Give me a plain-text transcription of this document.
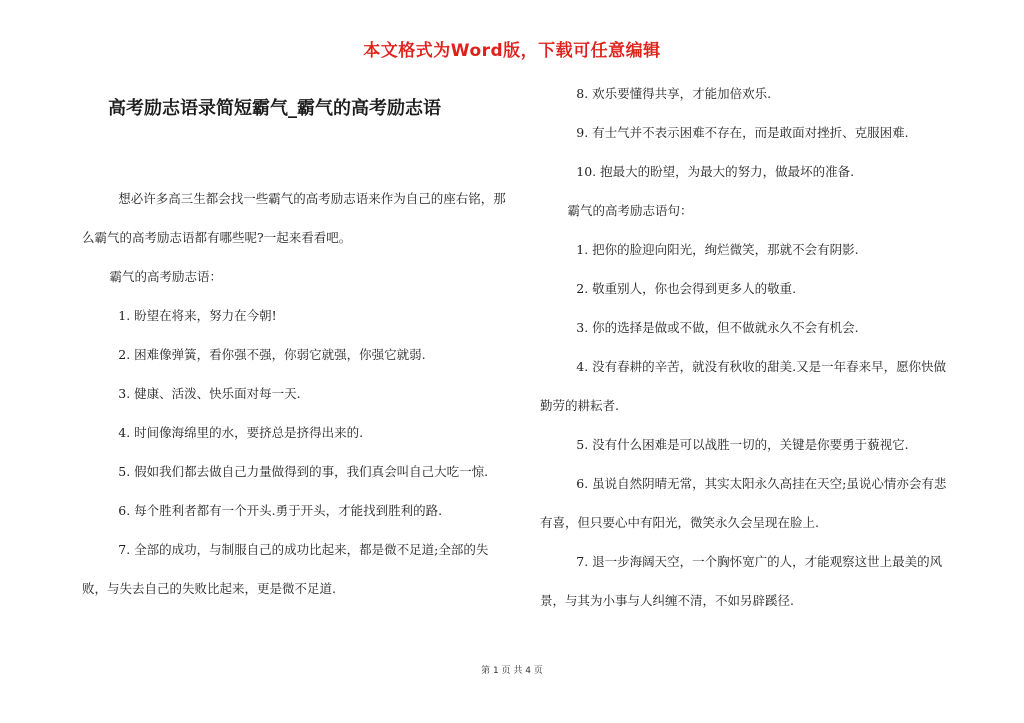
本文格式为Word版，下载可任意编辑
高考励志语录简短霸气_霸气的高考励志语

想必许多高三生都会找一些霸气的高考励志语来作为自己的座右铭，那么霸气的高考励志语都有哪些呢?一起来看看吧。

霸气的高考励志语：

1. 盼望在将来，努力在今朝!

2. 困难像弹簧，看你强不强，你弱它就强，你强它就弱.

3. 健康、活泼、快乐面对每一天.

4. 时间像海绵里的水，要挤总是挤得出来的.

5. 假如我们都去做自己力量做得到的事，我们真会叫自己大吃一惊.

6. 每个胜利者都有一个开头.勇于开头，才能找到胜利的路.

7. 全部的成功，与制服自己的成功比起来，都是微不足道;全部的失败，与失去自己的失败比起来，更是微不足道.

8. 欢乐要懂得共享，才能加倍欢乐.

9. 有士气并不表示困难不存在，而是敢面对挫折、克服困难.

10. 抱最大的盼望，为最大的努力，做最坏的准备.

霸气的高考励志语句：

1. 把你的脸迎向阳光，绚烂微笑，那就不会有阴影.

2. 敬重别人，你也会得到更多人的敬重.

3. 你的选择是做或不做，但不做就永久不会有机会.

4. 没有春耕的辛苦，就没有秋收的甜美.又是一年春来早，愿你快做勤劳的耕耘者.

5. 没有什么困难是可以战胜一切的，关键是你要勇于藐视它.

6. 虽说自然阴晴无常，其实太阳永久高挂在天空;虽说心情亦会有悲有喜，但只要心中有阳光，微笑永久会呈现在脸上.

7. 退一步海阔天空，一个胸怀宽广的人，才能观察这世上最美的风景，与其为小事与人纠缠不清，不如另辟蹊径.

第 1 页 共 4 页
